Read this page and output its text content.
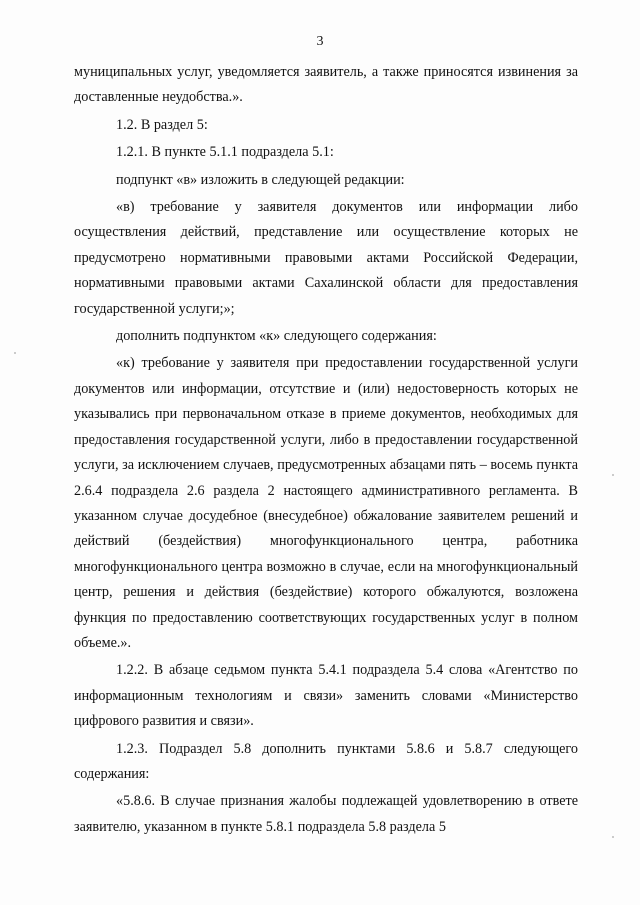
3

муниципальных услуг, уведомляется заявитель, а также приносятся извинения за доставленные неудобства.».

1.2. В раздел 5:

1.2.1. В пункте 5.1.1 подраздела 5.1:

подпункт «в» изложить в следующей редакции:

«в) требование у заявителя документов или информации либо осуществления действий, представление или осуществление которых не предусмотрено нормативными правовыми актами Российской Федерации, нормативными правовыми актами Сахалинской области для предоставления государственной услуги;»;

дополнить подпунктом «к» следующего содержания:

«к) требование у заявителя при предоставлении государственной услуги документов или информации, отсутствие и (или) недостоверность которых не указывались при первоначальном отказе в приеме документов, необходимых для предоставления государственной услуги, либо в предоставлении государственной услуги, за исключением случаев, предусмотренных абзацами пять – восемь пункта 2.6.4 подраздела 2.6 раздела 2 настоящего административного регламента. В указанном случае досудебное (внесудебное) обжалование заявителем решений и действий (бездействия) многофункционального центра, работника многофункционального центра возможно в случае, если на многофункциональный центр, решения и действия (бездействие) которого обжалуются, возложена функция по предоставлению соответствующих государственных услуг в полном объеме.».

1.2.2. В абзаце седьмом пункта 5.4.1 подраздела 5.4 слова «Агентство по информационным технологиям и связи» заменить словами «Министерство цифрового развития и связи».

1.2.3. Подраздел 5.8 дополнить пунктами 5.8.6 и 5.8.7 следующего содержания:

«5.8.6. В случае признания жалобы подлежащей удовлетворению в ответе заявителю, указанном в пункте 5.8.1 подраздела 5.8 раздела 5
